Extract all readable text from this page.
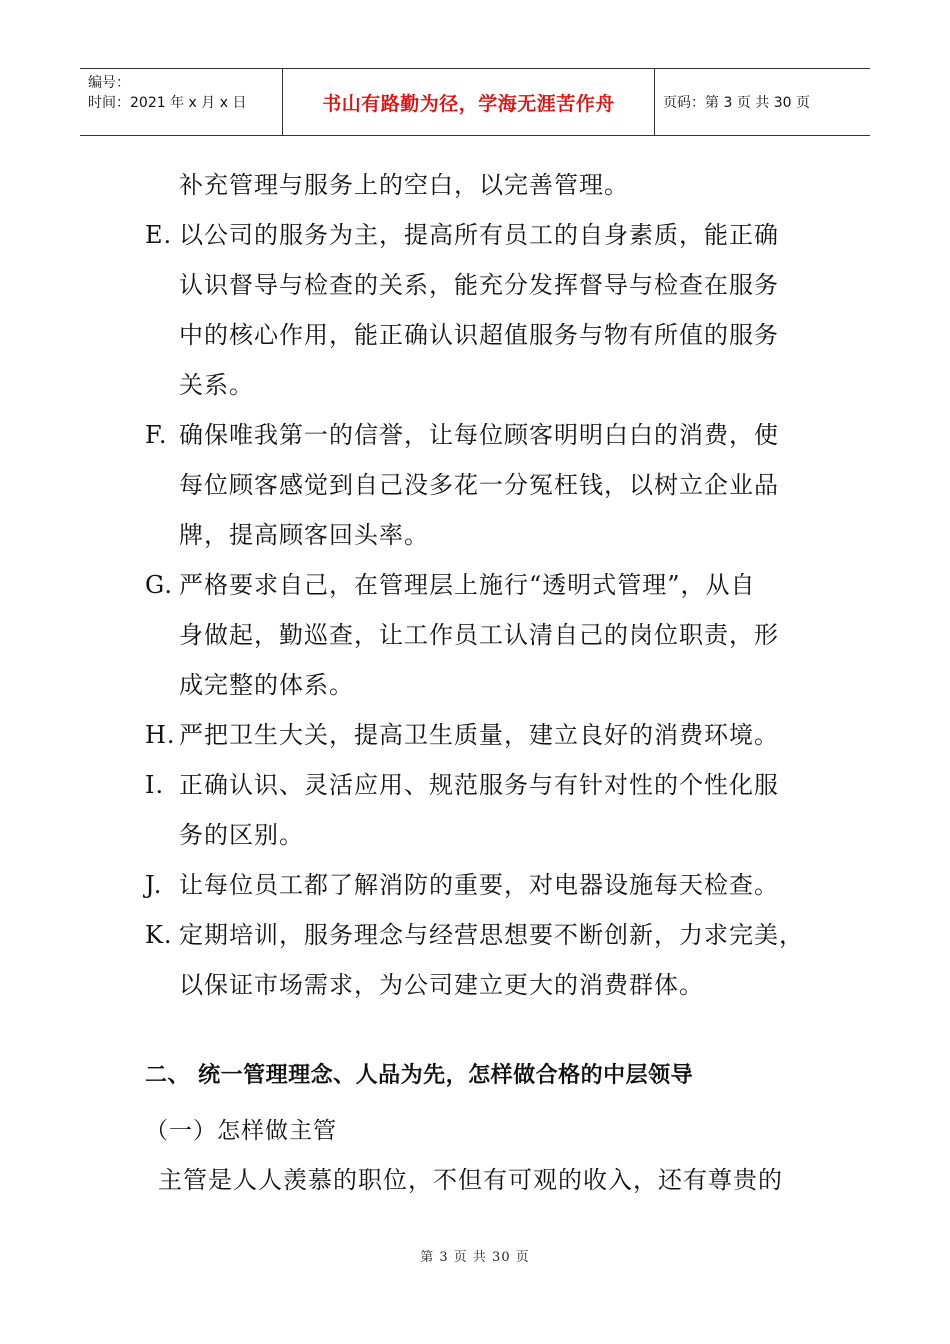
编号：
时间：2021 年 x 月 x 日	书山有路勤为径，学海无涯苦作舟	页码：第 3 页 共 30 页
补充管理与服务上的空白，以完善管理。
E. 以公司的服务为主，提高所有员工的自身素质，能正确
认识督导与检查的关系，能充分发挥督导与检查在服务
中的核心作用，能正确认识超值服务与物有所值的服务
关系。
F. 确保唯我第一的信誉，让每位顾客明明白白的消费，使
每位顾客感觉到自己没多花一分冤枉钱，以树立企业品
牌，提高顾客回头率。
G. 严格要求自己，在管理层上施行“透明式管理”，从自
身做起，勤巡查，让工作员工认清自己的岗位职责，形
成完整的体系。
H. 严把卫生大关，提高卫生质量，建立良好的消费环境。
I. 正确认识、灵活应用、规范服务与有针对性的个性化服
务的区别。
J. 让每位员工都了解消防的重要，对电器设施每天检查。
K. 定期培训，服务理念与经营思想要不断创新，力求完美，
以保证市场需求，为公司建立更大的消费群体。
二、 统一管理理念、人品为先，怎样做合格的中层领导
（一）怎样做主管
主管是人人羡慕的职位，不但有可观的收入，还有尊贵的
第 3 页 共 30 页
